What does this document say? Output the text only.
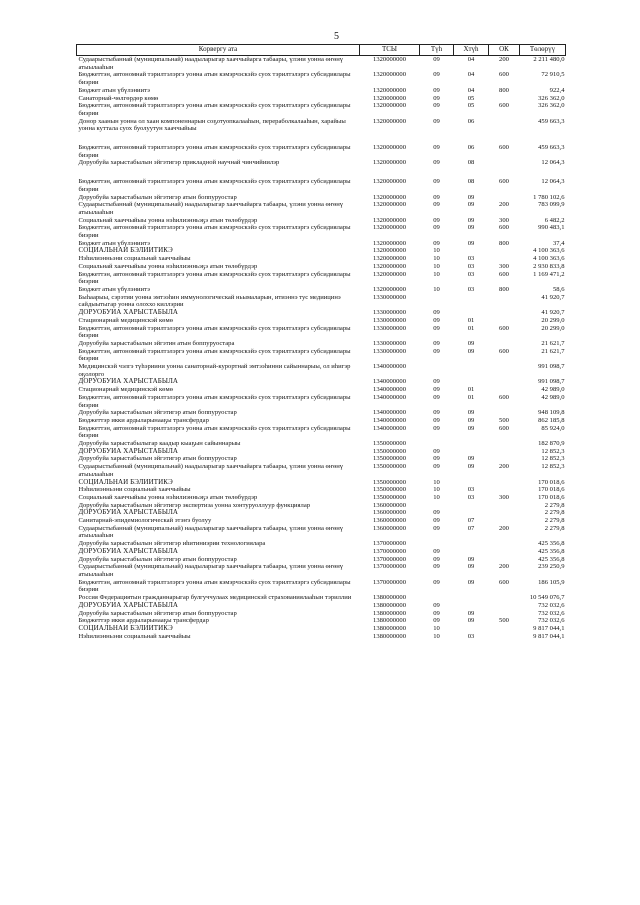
5
Корвергу ата	ТСЫ	Түһ	Хтүһ	ОК	Төлөрүү
Судаарыстыбаннай (муниципальнай) наадыларыгар хааччыйарга табаары, үлэни уонна өҥөнү атыылааһын	1320000000	09	04	200	2 211 480,0
Бюджеттэн, автономнай тэрилтэлэргэ уонна атын кэмэрчэскэйэ суох тэрилтэлэргэ субсидиялары биэрии	1320000000	09	04	600	72 910,5
Бюджет атын үбүлэниитэ	1320000000	09	04	800	922,4
Санаторнай-чөлгөрдөр көмө	1320000000	09	05		326 362,0
Бюджеттэн, автономнай тэрилтэлэргэ уонна атын кэмэрчэскэйэ суох тэрилтэлэргэ субсидиялары биэрии	1320000000	09	05	600	326 362,0
Донор хаанын уонна ол хаан компоненнарын соҕотуопкалааһын, перераболкалааһын, харайыы уонна куттала суох буолуутун хааччыйыы	1320000000	09	06		459 663,3

Бюджеттэн, автономнай тэрилтэлэргэ уонна атын кэмэрчэскэйэ суох тэрилтэлэргэ субсидиялары биэрии	1320000000	09	06	600	459 663,3
Доруобуйа харыстабылын эйгэтигэр прикладной научнай чинчийиилэр	1320000000	09	08		12 064,3

Бюджеттэн, автономнай тэрилтэлэргэ уонна атын кэмэрчэскэйэ суох тэрилтэлэргэ субсидиялары биэрии	1320000000	09	08	600	12 064,3
Доруобуйа харыстабылын эйгэтигэр атын боппуруостар	1320000000	09	09		1 780 102,6
Судаарыстыбаннай (муниципальнай) наадыларыгар хааччыйарга табаары, үлэни уонна өҥөнү атыылааһын	1320000000	09	09	200	783 099,9
Социальнай хааччыйыы уонна нэһилиэнньэҕэ атын төлөбүрдэр	1320000000	09	09	300	6 482,2
Бюджеттэн, автономнай тэрилтэлэргэ уонна атын кэмэрчэскэйэ суох тэрилтэлэргэ субсидиялары биэрии	1320000000	09	09	600	990 483,1
Бюджет атын үбүлэниитэ	1320000000	09	09	800	37,4
СОЦИАЛЬНАЙ БЭЛИИТИКЭ	1320000000	10			4 100 363,6
Нэһилиэнньэни социальнай хааччыйыы	1320000000	10	03		4 100 363,6
Социальнай хааччыйыы уонна нэһилиэнньэҕэ атын төлөбүрдэр	1320000000	10	03	300	2 930 833,8
Бюджеттэн, автономнай тэрилтэлэргэ уонна атын кэмэрчэскэйэ суох тэрилтэлэргэ субсидиялары биэрии	1320000000	10	03	600	1 169 471,2
Бюджет атын үбүлэниитэ	1320000000	10	03	800	58,6
Быһаарыы, сэрэтии уонна эмтээһин иммунологическай ньымаларын, итиэннэ тус медиицинэ сайдыытыгар уонна олоххо киллэрии	1330000000				41 920,7
ДОРУОБУЙА ХАРЫСТАБЫЛА	1330000000	09			41 920,7
Стационарнай медицинскэй көмө	1330000000	09	01		20 299,0
Бюджеттэн, автономнай тэрилтэлэргэ уонна атын кэмэрчэскэйэ суох тэрилтэлэргэ субсидиялары биэрии	1330000000	09	01	600	20 299,0
Доруобуйа харыстабылын эйгэтин атын боппуруостара	1330000000	09	09		21 621,7
Бюджеттэн, автономнай тэрилтэлэргэ уонна атын кэмэрчэскэйэ суох тэрилтэлэргэ субсидиялары биэрии	1330000000	09	09	600	21 621,7
Медицинскэй чэлгэ түһэриини уонна санаторнай-курортнай эмтээһинни сайыннарыы, ол иһигэр оҕолорго	1340000000				991 098,7
ДОРУОБУЙА ХАРЫСТАБЫЛА	1340000000	09			991 098,7
Стационарнай медицинскэй көмө	1340000000	09	01		42 989,0
Бюджеттэн, автономнай тэрилтэлэргэ уонна атын кэмэрчэскэйэ суох тэрилтэлэргэ субсидиялары биэрии	1340000000	09	01	600	42 989,0
Доруобуйа харыстабылын эйгэтигэр атын боппуруостар	1340000000	09	09		948 109,8
Бюджеттэр икки ардыларынааҕы трансфердар	1340000000	09	09	500	862 185,8
Бюджеттэн, автономнай тэрилтэлэргэ уонна атын кэмэрчэскэйэ суох тэрилтэлэргэ субсидиялары биэрии	1340000000	09	09	600	85 924,0
Доруобуйа харыстабылыгар каадыр кыаҕын сайыннарыы	1350000000				182 870,9
ДОРУОБУЙА ХАРЫСТАБЫЛА	1350000000	09			12 852,3
Доруобуйа харыстабылын эйгэтигэр атын боппуруостар	1350000000	09	09		12 852,3
Судаарыстыбаннай (муниципальнай) наадыларыгар хааччыйарга табаары, үлэни уонна өҥөнү атыылааһын	1350000000	09	09	200	12 852,3
СОЦИАЛЬНАЙ БЭЛИИТИКЭ	1350000000	10			170 018,6
Нэһилиэнньэни социальнай хааччыйыы	1350000000	10	03		170 018,6
Социальнай хааччыйыы уонна нэһилиэнньэҕэ атын төлөбүрдэр	1350000000	10	03	300	170 018,6
Доруобуйа харыстабылын эйгэтигэр экспертиза уонна хонтуруоллуур функциялар	1360000000				2 279,8
ДОРУОБУЙА ХАРЫСТАБЫЛА	1360000000	09			2 279,8
Санитарнай-эпидемиологическай этэҥэ буолуу	1360000000	09	07		2 279,8
Судаарыстыбаннай (муниципальнай) наадыларыгар хааччыйарга табаары, үлэни уонна өҥөнү атыылааһын	1360000000	09	07	200	2 279,8
Доруобуйа харыстабылын эйгэтигэр иһитиниэрии технологиялара	1370000000				425 356,8
ДОРУОБУЙА ХАРЫСТАБЫЛА	1370000000	09			425 356,8
Доруобуйа харыстабылын эйгэтигэр атын боппуруостар	1370000000	09	09		425 356,8
Судаарыстыбаннай (муниципальнай) наадыларыгар хааччыйарга табаары, үлэни уонна өҥөнү атыылааһын	1370000000	09	09	200	239 250,9
Бюджеттэн, автономнай тэрилтэлэргэ уонна атын кэмэрчэскэйэ суох тэрилтэлэргэ субсидиялары биэрии	1370000000	09	09	600	186 105,9
Россия Федерациятын гражданнарыгар булгуччулаах медицинскэй страхованиялааһын тэриллии	1380000000				10 549 076,7
ДОРУОБУЙА ХАРЫСТАБЫЛА	1380000000	09			732 032,6
Доруобуйа харыстабылын эйгэтигэр атын боппуруостар	1380000000	09	09		732 032,6
Бюджеттэр икки ардыларынааҕы трансфердар	1380000000	09	09	500	732 032,6
СОЦИАЛЬНАЙ БЭЛИИТИКЭ	1380000000	10			9 817 044,1
Нэһилиэнньэни социальнай хааччыйыы	1380000000	10	03		9 817 044,1
